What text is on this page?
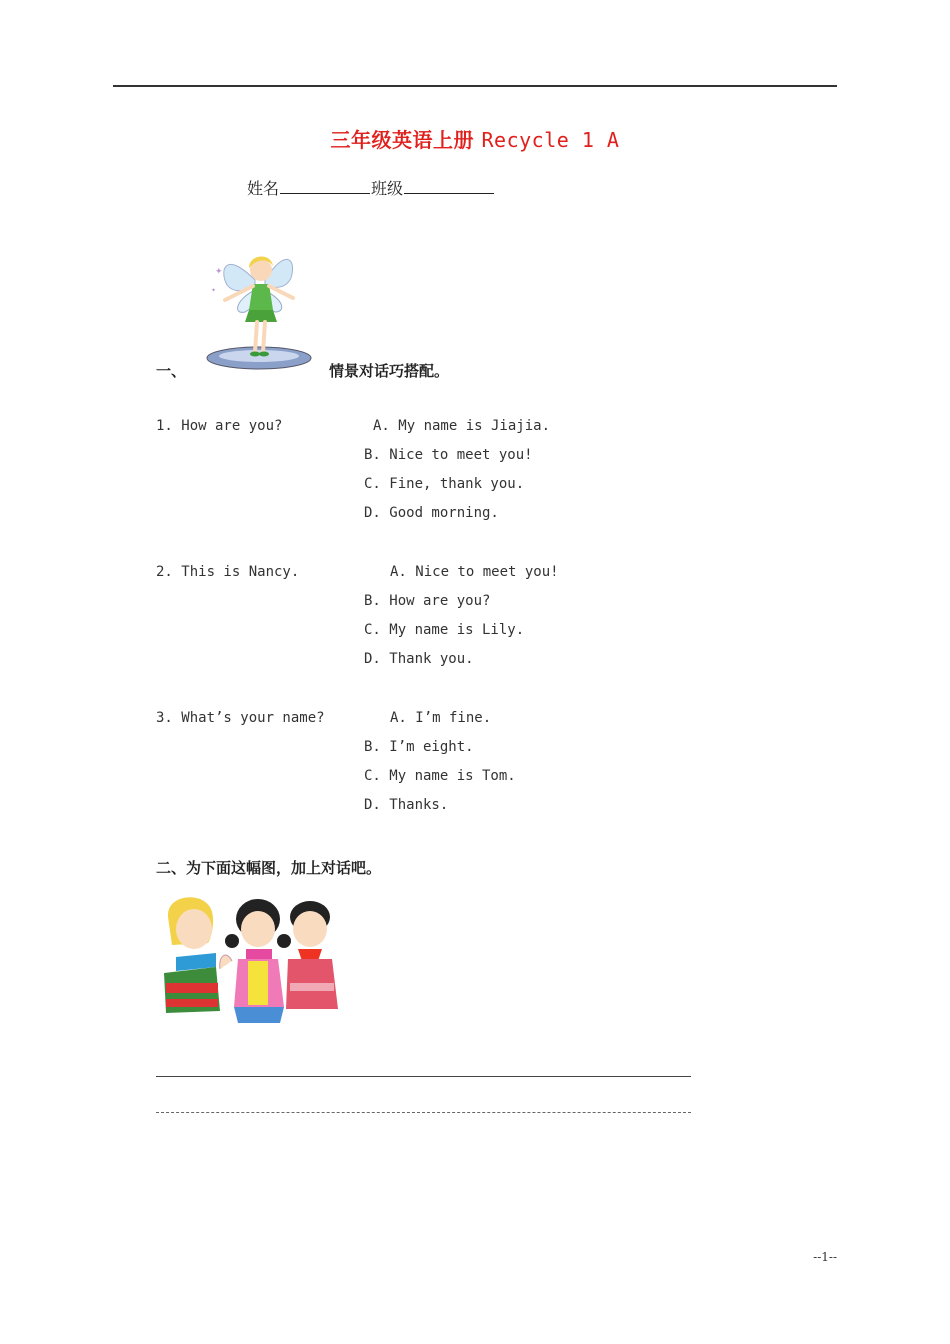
三年级英语上册 Recycle 1 A
姓名	班级
✦
✦
一、	情景对话巧搭配。
1. How are you?	A. My name is Jiajia.
B. Nice to meet you!
C. Fine, thank you.
D. Good morning.
2. This is Nancy.	A. Nice to meet you!
B. How are you?
C. My name is Lily.
D. Thank you.
3. What’s your name?	A. I’m fine.
B. I’m eight.
C. My name is Tom.
D. Thanks.
二、为下面这幅图，加上对话吧。
--1--
